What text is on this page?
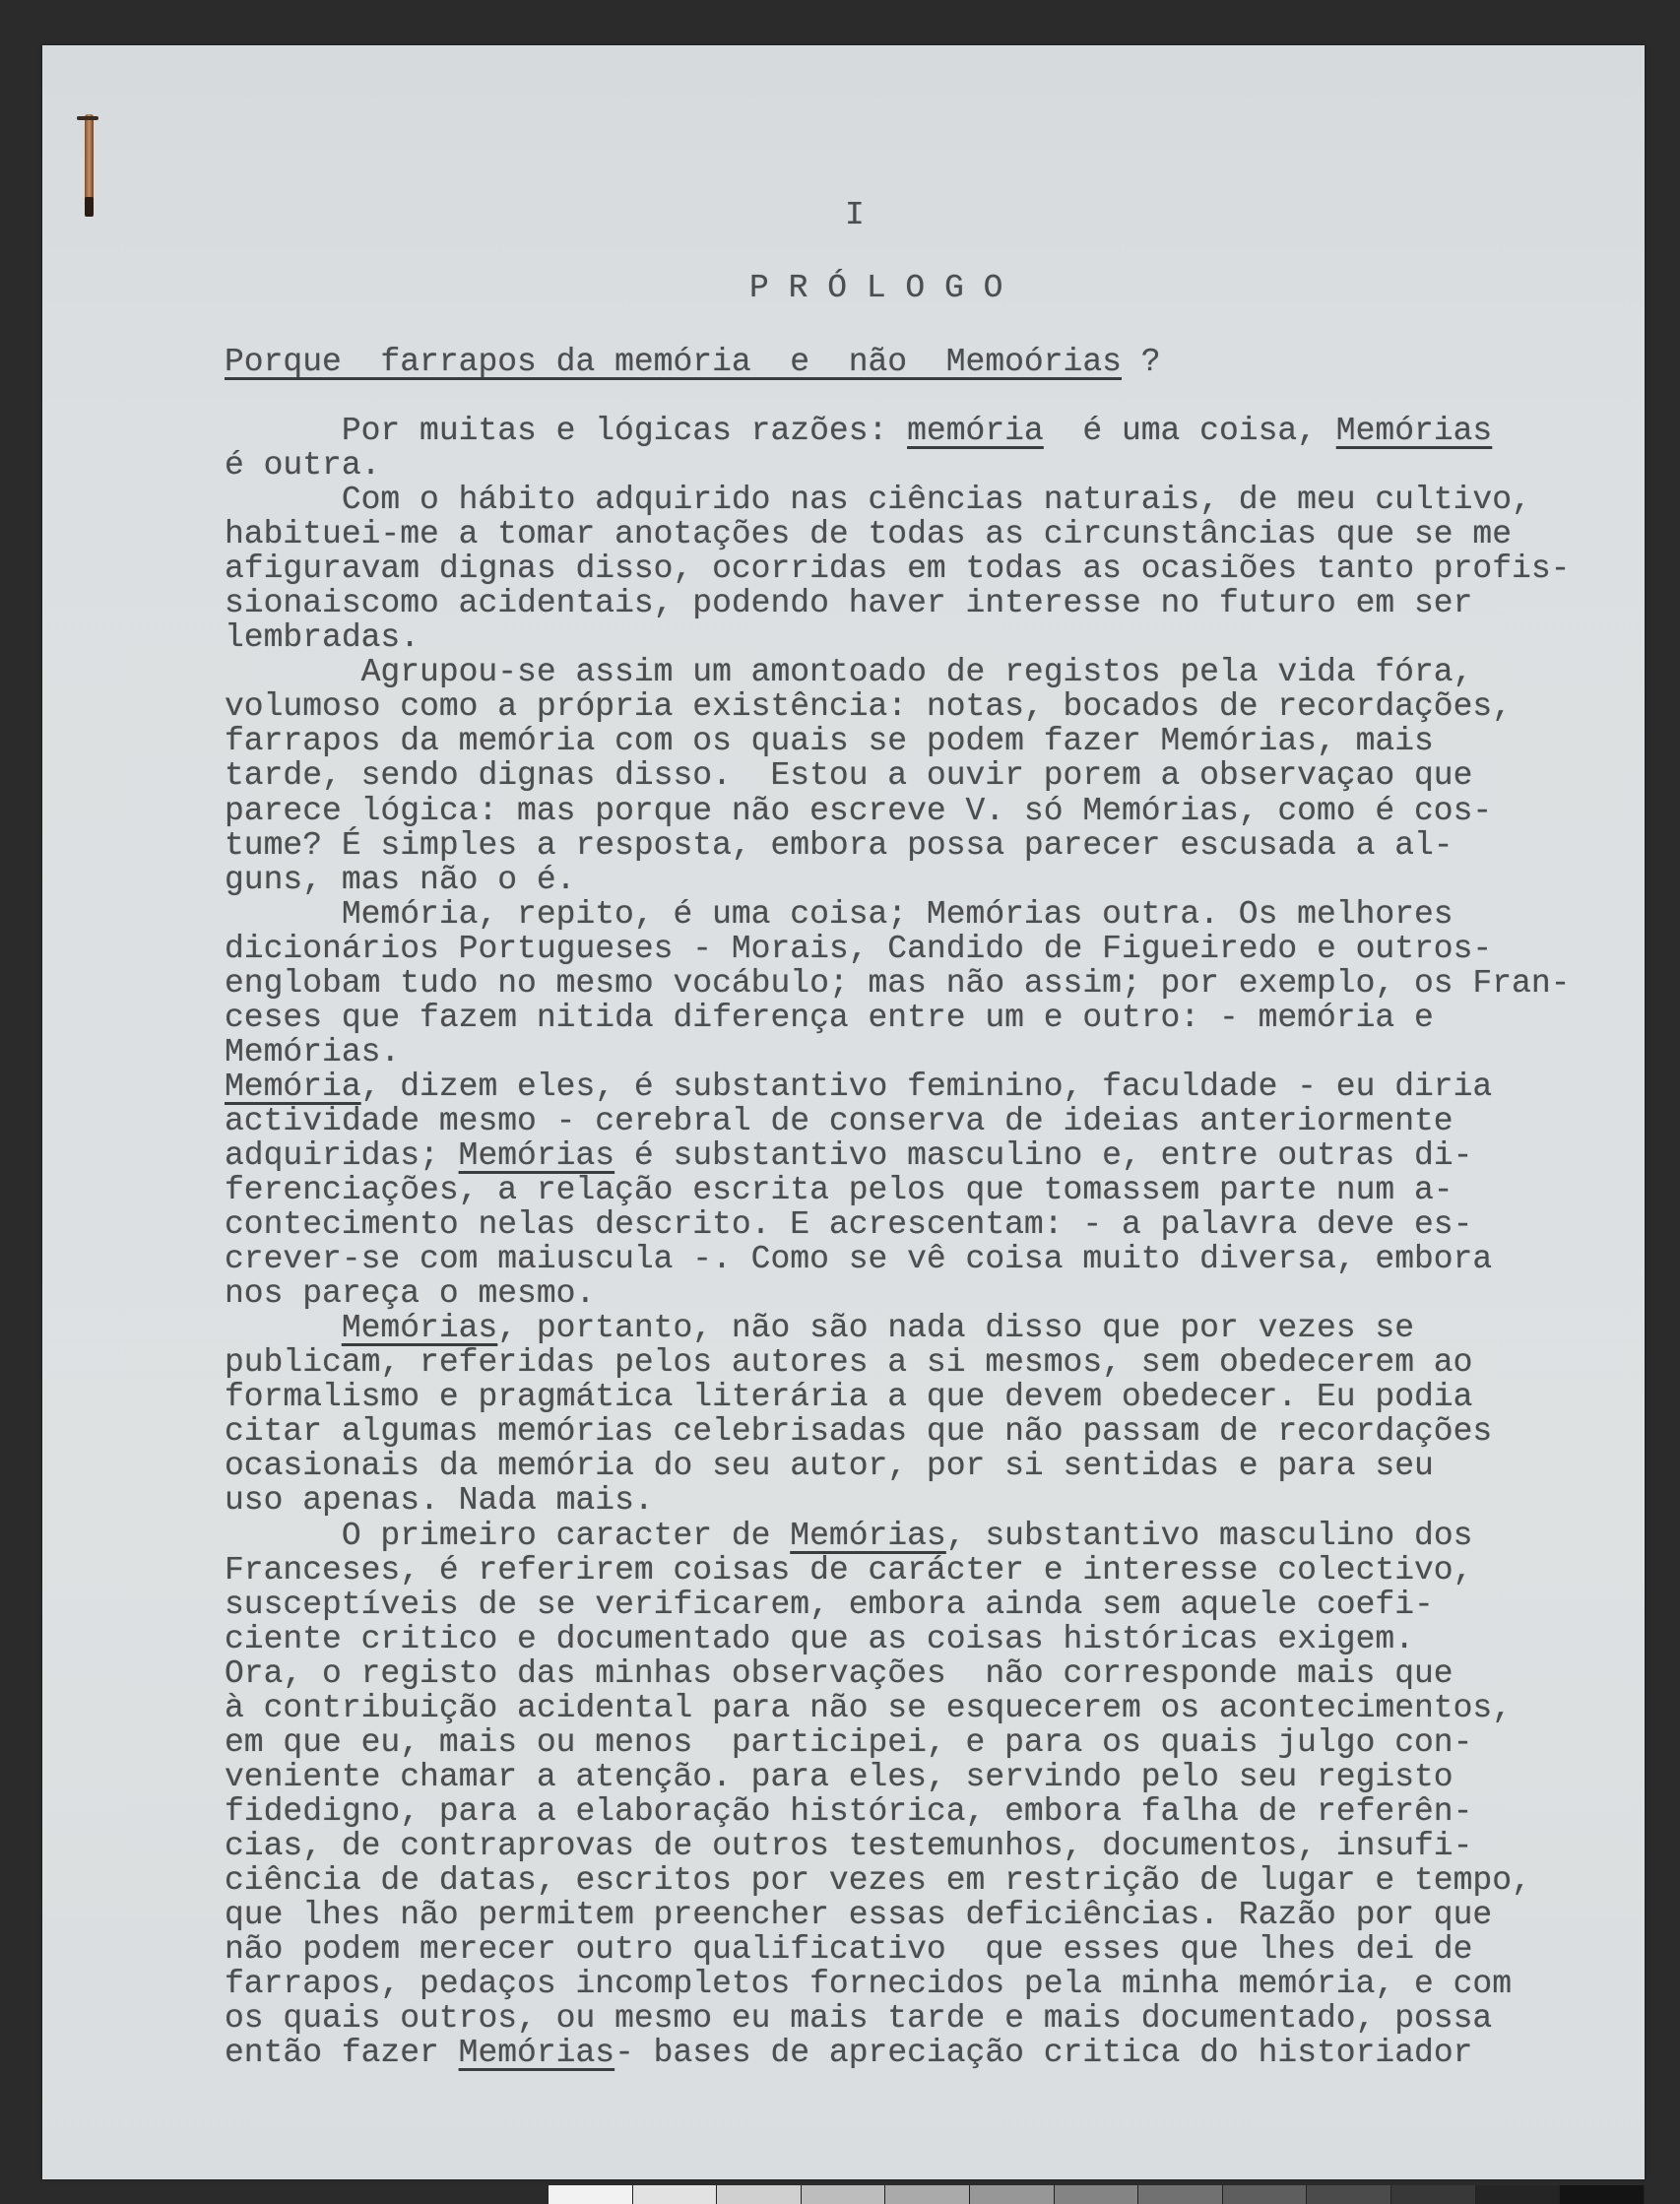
I
P R Ó L O G O
Porque  farrapos da memória  e  não  Memoórias ?
Por muitas e lógicas razões: memória  é uma coisa, Memórias
é outra.
Com o hábito adquirido nas ciências naturais, de meu cultivo,
habituei-me a tomar anotações de todas as circunstâncias que se me
afiguravam dignas disso, ocorridas em todas as ocasiões tanto profis-
sionaiscomo acidentais, podendo haver interesse no futuro em ser
lembradas.
Agrupou-se assim um amontoado de registos pela vida fóra,
volumoso como a própria existência: notas, bocados de recordações,
farrapos da memória com os quais se podem fazer Memórias, mais
tarde, sendo dignas disso.  Estou a ouvir porem a observaçao que
parece lógica: mas porque não escreve V. só Memórias, como é cos-
tume? É simples a resposta, embora possa parecer escusada a al-
guns, mas não o é.
Memória, repito, é uma coisa; Memórias outra. Os melhores
dicionários Portugueses - Morais, Candido de Figueiredo e outros-
englobam tudo no mesmo vocábulo; mas não assim; por exemplo, os Fran-
ceses que fazem nitida diferença entre um e outro: - memória e
Memórias.
Memória, dizem eles, é substantivo feminino, faculdade - eu diria
actividade mesmo - cerebral de conserva de ideias anteriormente
adquiridas; Memórias é substantivo masculino e, entre outras di-
ferenciações, a relação escrita pelos que tomassem parte num a-
contecimento nelas descrito. E acrescentam: - a palavra deve es-
crever-se com maiuscula -. Como se vê coisa muito diversa, embora
nos pareça o mesmo.
Memórias, portanto, não são nada disso que por vezes se
publicam, referidas pelos autores a si mesmos, sem obedecerem ao
formalismo e pragmática literária a que devem obedecer. Eu podia
citar algumas memórias celebrisadas que não passam de recordações
ocasionais da memória do seu autor, por si sentidas e para seu
uso apenas. Nada mais.
O primeiro caracter de Memórias, substantivo masculino dos
Franceses, é referirem coisas de carácter e interesse colectivo,
susceptíveis de se verificarem, embora ainda sem aquele coefi-
ciente critico e documentado que as coisas históricas exigem.
Ora, o registo das minhas observações  não corresponde mais que
à contribuição acidental para não se esquecerem os acontecimentos,
em que eu, mais ou menos  participei, e para os quais julgo con-
veniente chamar a atenção. para eles, servindo pelo seu registo
fidedigno, para a elaboração histórica, embora falha de referên-
cias, de contraprovas de outros testemunhos, documentos, insufi-
ciência de datas, escritos por vezes em restrição de lugar e tempo,
que lhes não permitem preencher essas deficiências. Razão por que
não podem merecer outro qualificativo  que esses que lhes dei de
farrapos, pedaços incompletos fornecidos pela minha memória, e com
os quais outros, ou mesmo eu mais tarde e mais documentado, possa
então fazer Memórias- bases de apreciação critica do historiador
